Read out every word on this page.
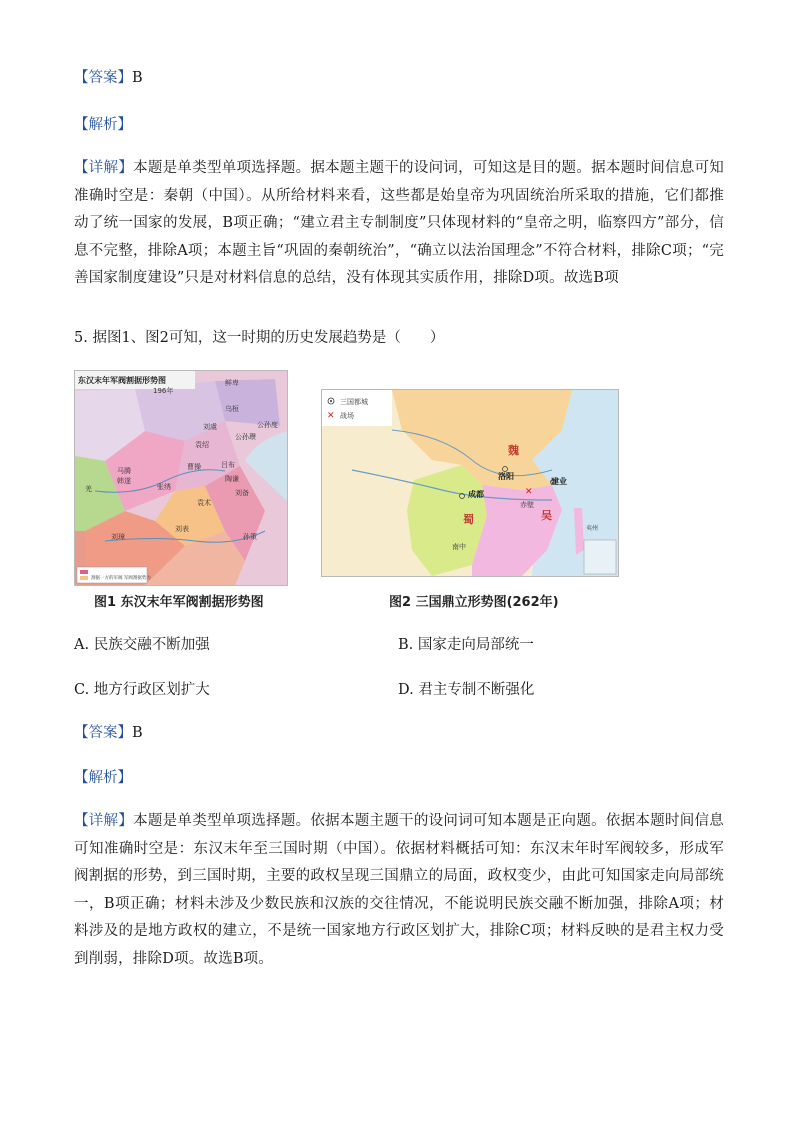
【答案】B
【解析】
【详解】本题是单类型单项选择题。据本题主题干的设问词，可知这是目的题。据本题时间信息可知准确时空是：秦朝（中国）。从所给材料来看，这些都是始皇帝为巩固统治所采取的措施，它们都推动了统一国家的发展，B项正确；“建立君主专制制度”只体现材料的“皇帝之明，临察四方”部分，信息不完整，排除A项；本题主旨“巩固的秦朝统治”，“确立以法治国理念”不符合材料，排除C项；“完善国家制度建设”只是对材料信息的总结，没有体现其实质作用，排除D项。故选B项
5. 据图1、图2可知，这一时期的历史发展趋势是（　　）
东汉末年军阀割据形势图
196年
鲜卑
乌桓
公孙度
袁绍
刘虞
公孙瓒
陶谦
曹操
张绣
袁术
刘表
刘璋	孙策
羌
马腾
韩遂
吕布
刘备
割据一方的军阀 军阀割据势力
图1 东汉末年军阀割据形势图
三国都城
✕ 战场
魏
蜀	吴
洛阳
成都
建业
✕
赤壁
南中
夷州
图2 三国鼎立形势图(262年)
A. 民族交融不断加强	B. 国家走向局部统一
C. 地方行政区划扩大	D. 君主专制不断强化
【答案】B
【解析】
【详解】本题是单类型单项选择题。依据本题主题干的设问词可知本题是正向题。依据本题时间信息可知准确时空是：东汉末年至三国时期（中国）。依据材料概括可知：东汉末年时军阀较多，形成军阀割据的形势，到三国时期，主要的政权呈现三国鼎立的局面，政权变少，由此可知国家走向局部统一，B项正确；材料未涉及少数民族和汉族的交往情况，不能说明民族交融不断加强，排除A项；材料涉及的是地方政权的建立，不是统一国家地方行政区划扩大，排除C项；材料反映的是君主权力受到削弱，排除D项。故选B项。
